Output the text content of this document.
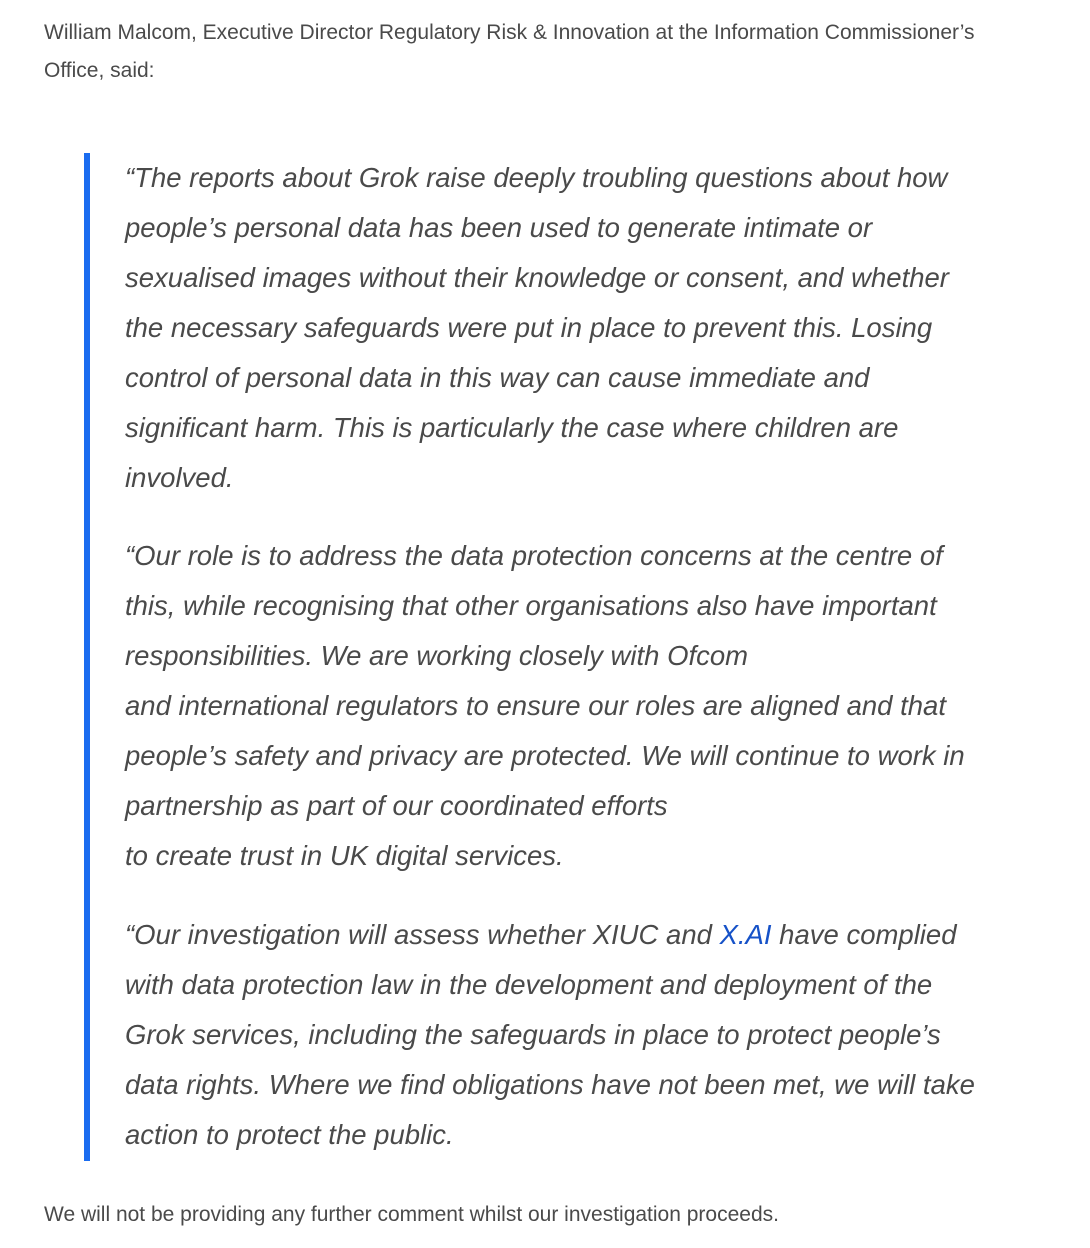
William Malcom, Executive Director Regulatory Risk & Innovation at the Information Commissioner’s
Office, said:

“The reports about Grok raise deeply troubling questions about how
people’s personal data has been used to generate intimate or
sexualised images without their knowledge or consent, and whether
the necessary safeguards were put in place to prevent this. Losing
control of personal data in this way can cause immediate and
significant harm. This is particularly the case where children are
involved.

“Our role is to address the data protection concerns at the centre of
this, while recognising that other organisations also have important
responsibilities. We are working closely with Ofcom
and international regulators to ensure our roles are aligned and that
people’s safety and privacy are protected. We will continue to work in
partnership as part of our coordinated efforts
to create trust in UK digital services.

“Our investigation will assess whether XIUC and X.AI have complied
with data protection law in the development and deployment of the
Grok services, including the safeguards in place to protect people’s
data rights. Where we find obligations have not been met, we will take
action to protect the public.

We will not be providing any further comment whilst our investigation proceeds.
